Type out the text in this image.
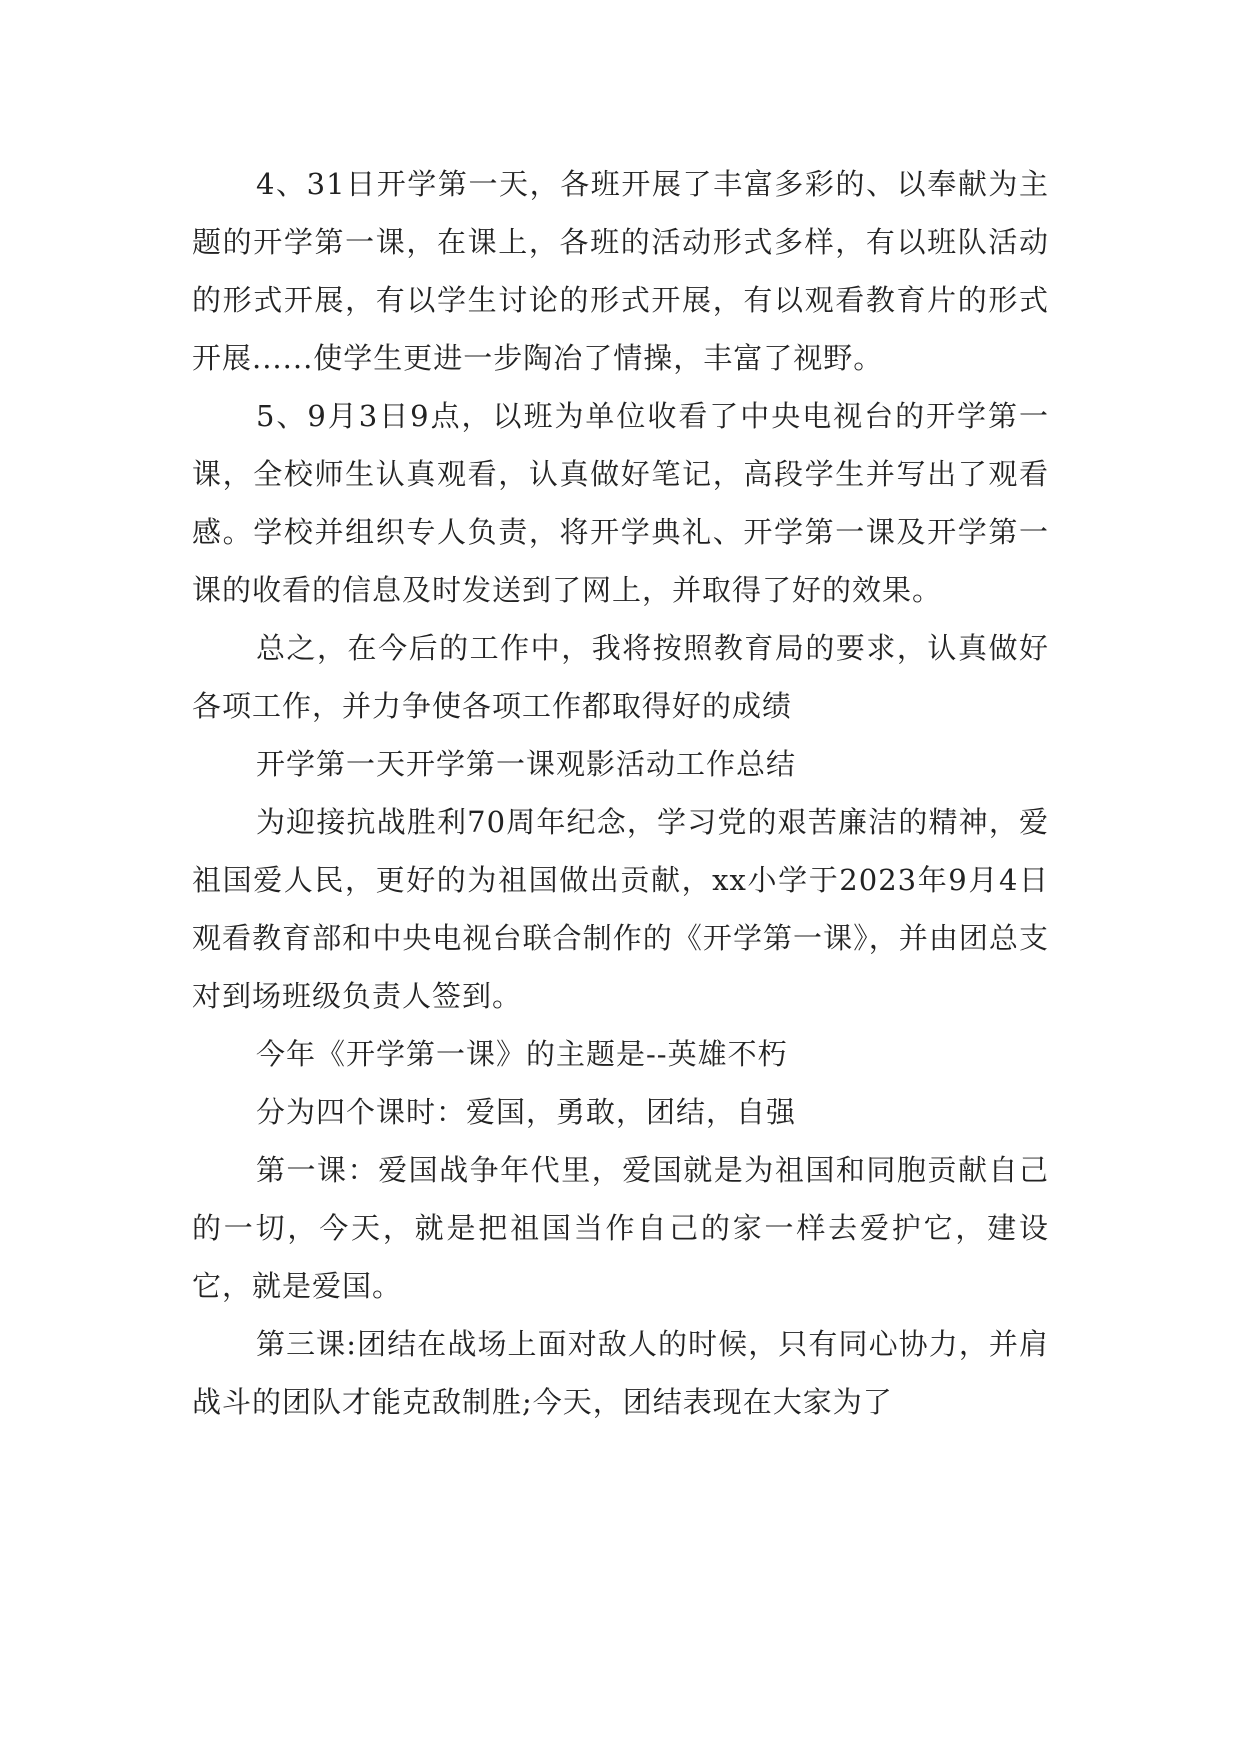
4、31日开学第一天，各班开展了丰富多彩的、以奉献为主题的开学第一课，在课上，各班的活动形式多样，有以班队活动的形式开展，有以学生讨论的形式开展，有以观看教育片的形式开展......使学生更进一步陶冶了情操，丰富了视野。

5、9月3日9点，以班为单位收看了中央电视台的开学第一课，全校师生认真观看，认真做好笔记，高段学生并写出了观看感。学校并组织专人负责，将开学典礼、开学第一课及开学第一课的收看的信息及时发送到了网上，并取得了好的效果。

总之，在今后的工作中，我将按照教育局的要求，认真做好各项工作，并力争使各项工作都取得好的成绩

开学第一天开学第一课观影活动工作总结

为迎接抗战胜利70周年纪念，学习党的艰苦廉洁的精神，爱祖国爱人民，更好的为祖国做出贡献，xx小学于2023年9月4日观看教育部和中央电视台联合制作的《开学第一课》，并由团总支对到场班级负责人签到。

今年《开学第一课》的主题是--英雄不朽

分为四个课时：爱国，勇敢，团结，自强

第一课：爱国战争年代里，爱国就是为祖国和同胞贡献自己的一切，今天，就是把祖国当作自己的家一样去爱护它，建设它，就是爱国。

第三课:团结在战场上面对敌人的时候，只有同心协力，并肩战斗的团队才能克敌制胜;今天，团结表现在大家为了
